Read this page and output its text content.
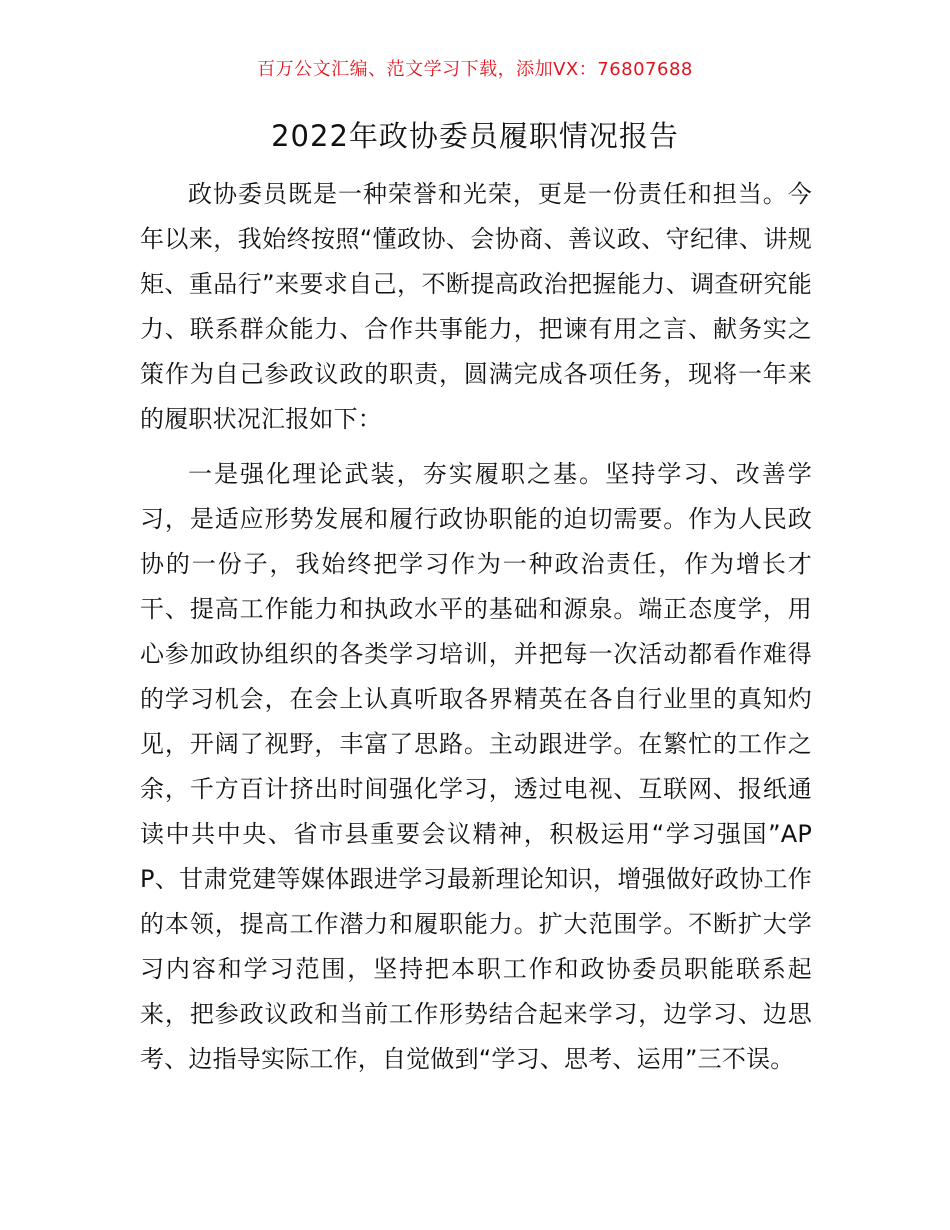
百万公文汇编、范文学习下载，添加VX：76807688
2022年政协委员履职情况报告

政协委员既是一种荣誉和光荣，更是一份责任和担当。今年以来，我始终按照“懂政协、会协商、善议政、守纪律、讲规矩、重品行”来要求自己，不断提高政治把握能力、调查研究能力、联系群众能力、合作共事能力，把谏有用之言、献务实之策作为自己参政议政的职责，圆满完成各项任务，现将一年来的履职状况汇报如下：

一是强化理论武装，夯实履职之基。坚持学习、改善学习，是适应形势发展和履行政协职能的迫切需要。作为人民政协的一份子，我始终把学习作为一种政治责任，作为增长才干、提高工作能力和执政水平的基础和源泉。端正态度学，用心参加政协组织的各类学习培训，并把每一次活动都看作难得的学习机会，在会上认真听取各界精英在各自行业里的真知灼见，开阔了视野，丰富了思路。主动跟进学。在繁忙的工作之余，千方百计挤出时间强化学习，透过电视、互联网、报纸通读中共中央、省市县重要会议精神，积极运用“学习强国”APP、甘肃党建等媒体跟进学习最新理论知识，增强做好政协工作的本领，提高工作潜力和履职能力。扩大范围学。不断扩大学习内容和学习范围，坚持把本职工作和政协委员职能联系起来，把参政议政和当前工作形势结合起来学习，边学习、边思考、边指导实际工作，自觉做到“学习、思考、运用”三不误。
